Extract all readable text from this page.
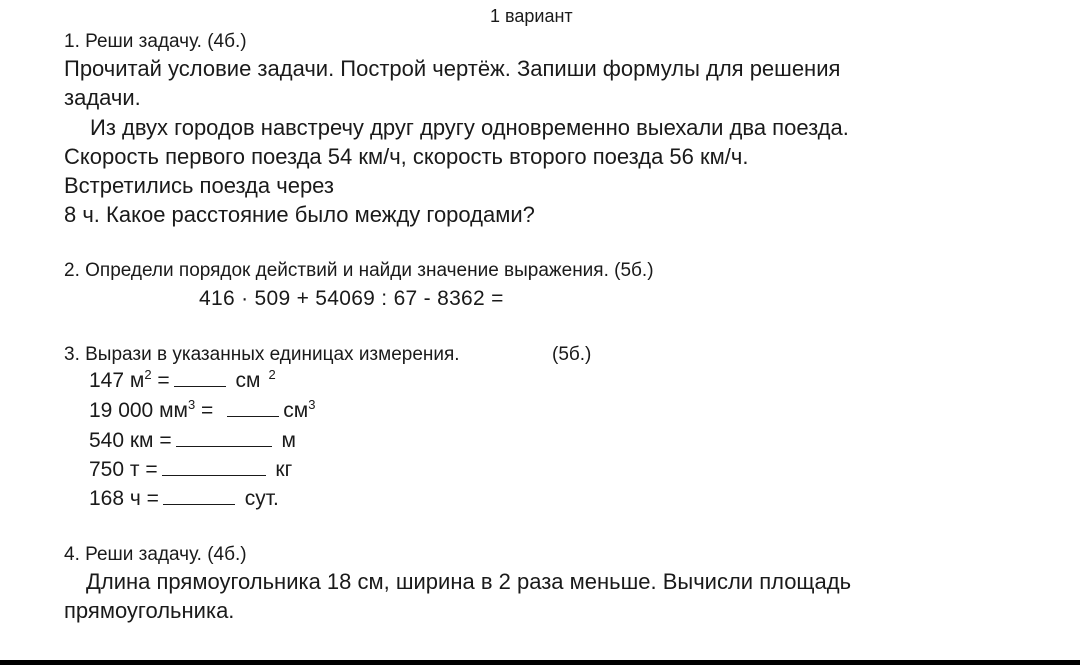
1 вариант
1. Реши задачу. (4б.)
Прочитай условие задачи. Построй чертёж. Запиши формулы для решения
задачи.
Из двух городов навстречу друг другу одновременно выехали два поезда.
Скорость первого поезда 54 км/ч, скорость второго поезда 56 км/ч.
Встретились поезда через
8 ч. Какое расстояние было между городами?
2. Определи порядок действий и найди значение выражения. (5б.)
416 · 509 + 54069 : 67 - 8362 =
3. Вырази в указанных единицах измерения.	(5б.)
147 $м^2$ =	см $^2$
19 000 $мм^3$ =	$см^3$
540 км =	м
750 т =	кг
168 ч =	сут.
4. Реши задачу. (4б.)
Длина прямоугольника 18 см, ширина в 2 раза меньше. Вычисли площадь
прямоугольника.
